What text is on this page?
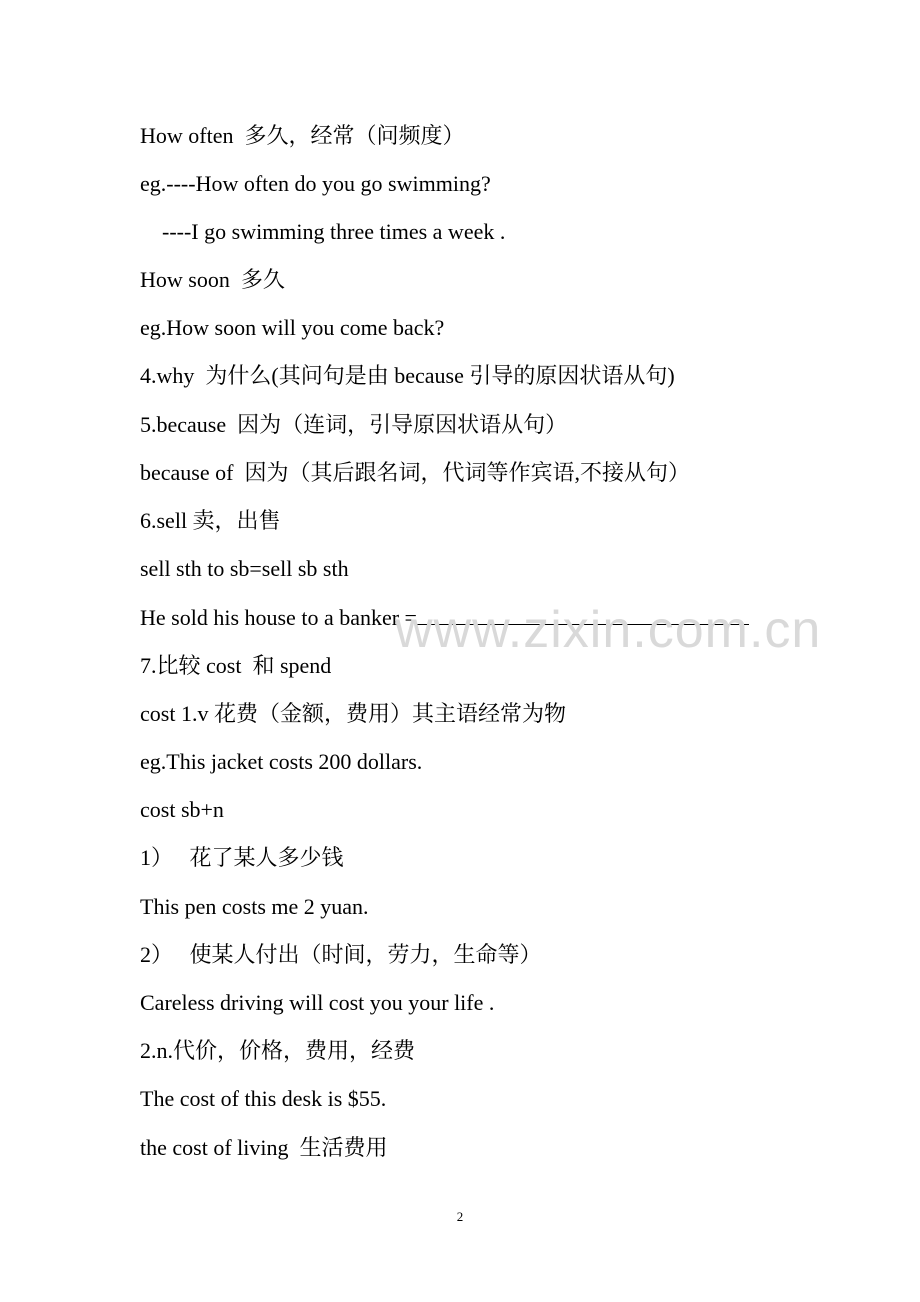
How often  多久，经常（问频度）
eg.----How often do you go swimming?
----I go swimming three times a week .
How soon  多久
eg.How soon will you come back?
4.why  为什么(其问句是由 because 引导的原因状语从句)
5.because  因为（连词，引导原因状语从句）
because of  因为（其后跟名词，代词等作宾语,不接从句）
6.sell 卖，出售
sell sth to sb=sell sb sth
He sold his house to a banker =
7.比较 cost  和 spend
cost 1.v 花费（金额，费用）其主语经常为物
eg.This jacket costs 200 dollars.
cost sb+n
1）   花了某人多少钱
This pen costs me 2 yuan.
2）   使某人付出（时间，劳力，生命等）
Careless driving will cost you your life .
2.n.代价，价格，费用，经费
The cost of this desk is $55.
the cost of living  生活费用
www.zixin.com.cn
2
